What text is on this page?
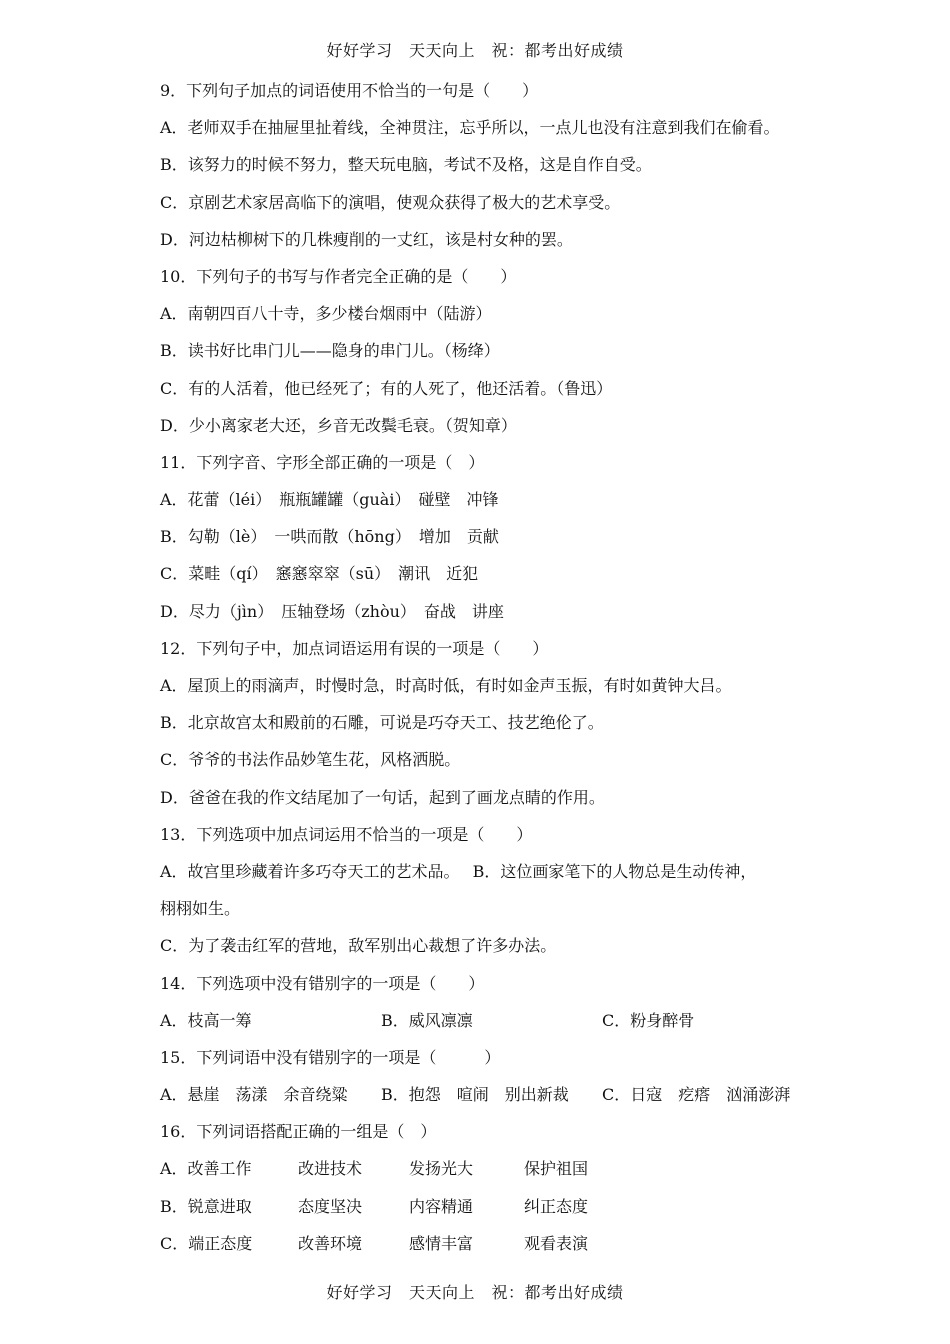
好好学习　天天向上　祝：都考出好成绩
9．下列句子加点的词语使用不恰当的一句是（　　）
A．老师双手在抽屉里扯着线，全神贯注，忘乎所以，一点儿也没有注意到我们在偷看。
B．该努力的时候不努力，整天玩电脑，考试不及格，这是自作自受。
C．京剧艺术家居高临下的演唱，使观众获得了极大的艺术享受。
D．河边枯柳树下的几株瘦削的一丈红，该是村女种的罢。
10．下列句子的书写与作者完全正确的是（　　）
A．南朝四百八十寺，多少楼台烟雨中（陆游）
B．读书好比串门儿——隐身的串门儿。（杨绛）
C．有的人活着，他已经死了；有的人死了，他还活着。（鲁迅）
D．少小离家老大还，乡音无改鬓毛衰。（贺知章）
11．下列字音、字形全部正确的一项是（　）
A．花蕾（léi）　瓶瓶罐罐（guài）　碰壁　冲锋
B．勾勒（lè）　一哄而散（hōng）　增加　贡献
C．菜畦（qí）　窸窸窣窣（sū）　潮讯　近犯
D．尽力（jìn）　压轴登场（zhòu）　奋战　讲座
12．下列句子中，加点词语运用有误的一项是（　　）
A．屋顶上的雨滴声，时慢时急，时高时低，有时如金声玉振，有时如黄钟大吕。
B．北京故宫太和殿前的石雕，可说是巧夺天工、技艺绝伦了。
C．爷爷的书法作品妙笔生花，风格洒脱。
D．爸爸在我的作文结尾加了一句话，起到了画龙点睛的作用。
13．下列选项中加点词运用不恰当的一项是（　　）
A．故宫里珍藏着许多巧夺天工的艺术品。　 B．这位画家笔下的人物总是生动传神，
栩栩如生。
C．为了袭击红军的营地，敌军别出心裁想了许多办法。
14．下列选项中没有错别字的一项是（　　）
A．枝高一筹	B．威风凛凛	C．粉身醉骨
15．下列词语中没有错别字的一项是（　　　）
A．悬崖　荡漾　余音绕粱 B．抱怨　喧闹　别出新裁 C．日寇　疙瘩　汹涌澎湃
16．下列词语搭配正确的一组是（　）
A．改善工作	改进技术	发扬光大	保护祖国
B．锐意进取	态度坚决	内容精通	纠正态度
C．端正态度	改善环境	感情丰富	观看表演
好好学习　天天向上　祝：都考出好成绩
